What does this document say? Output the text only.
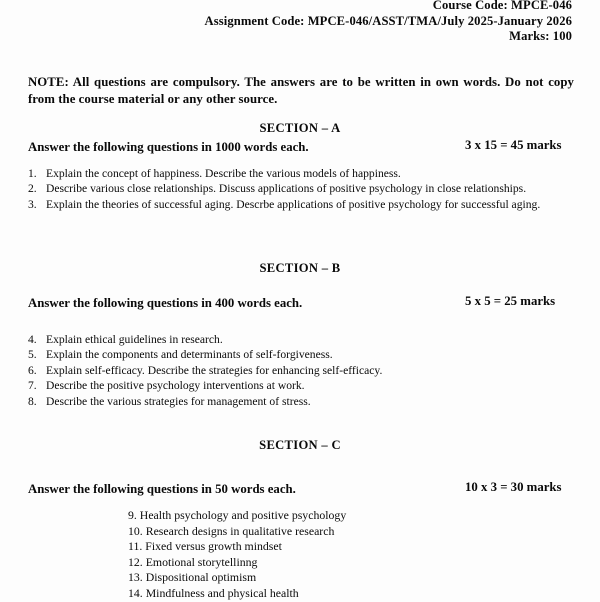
Course Code: MPCE-046
Assignment Code: MPCE-046/ASST/TMA/July 2025-January 2026
Marks: 100
NOTE: All questions are compulsory. The answers are to be written in own words. Do not copy from the course material or any other source.
SECTION – A
Answer the following questions in 1000 words each.	3 x 15 = 45 marks
1. Explain the concept of happiness. Describe the various models of happiness.
2. Describe various close relationships. Discuss applications of positive psychology in close relationships.
3. Explain the theories of successful aging. Descrbe applications of positive psychology for successful aging.
SECTION – B
Answer the following questions in 400 words each.	5 x 5 = 25 marks
4. Explain ethical guidelines in research.
5. Explain the components and determinants of self-forgiveness.
6. Explain self-efficacy. Describe the strategies for enhancing self-efficacy.
7. Describe the positive psychology interventions at work.
8. Describe the various strategies for management of stress.
SECTION – C
Answer the following questions in 50 words each.	10 x 3 = 30 marks
9. Health psychology and positive psychology
10. Research designs in qualitative research
11. Fixed versus growth mindset
12. Emotional storytellinng
13. Dispositional optimism
14. Mindfulness and physical health
